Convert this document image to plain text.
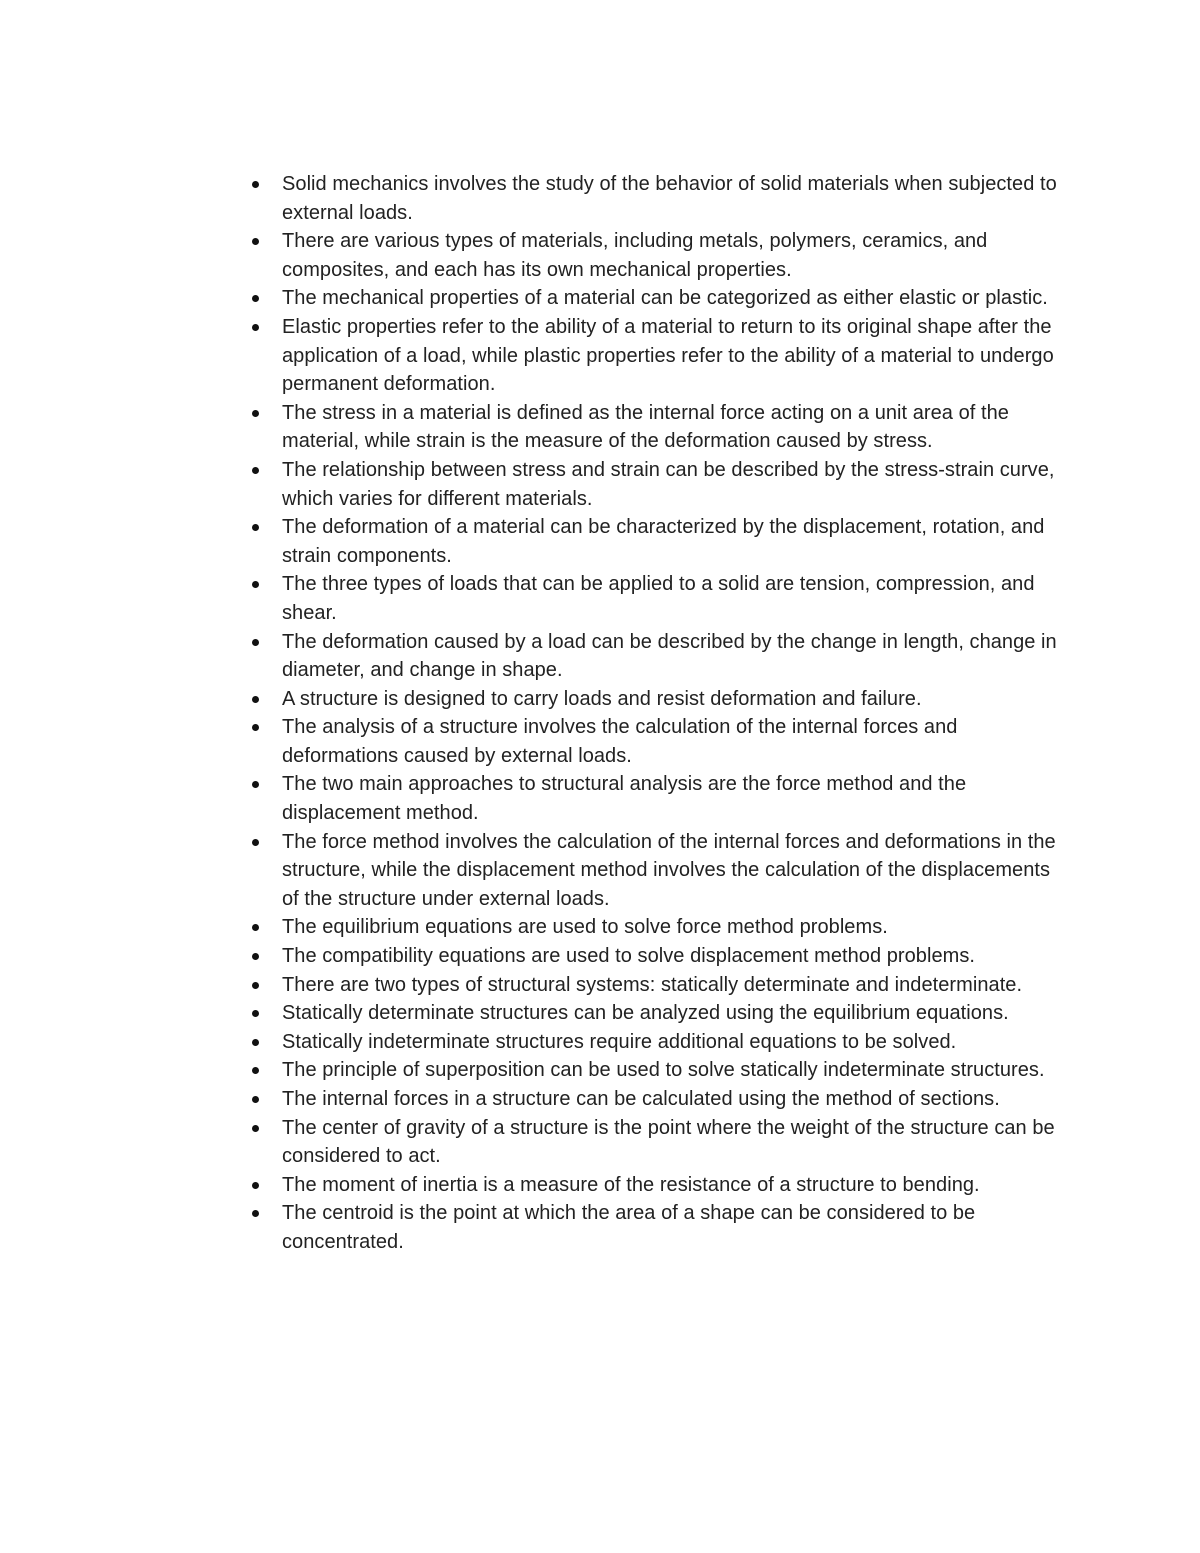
Solid mechanics involves the study of the behavior of solid materials when subjected to external loads.
There are various types of materials, including metals, polymers, ceramics, and composites, and each has its own mechanical properties.
The mechanical properties of a material can be categorized as either elastic or plastic.
Elastic properties refer to the ability of a material to return to its original shape after the application of a load, while plastic properties refer to the ability of a material to undergo permanent deformation.
The stress in a material is defined as the internal force acting on a unit area of the material, while strain is the measure of the deformation caused by stress.
The relationship between stress and strain can be described by the stress-strain curve, which varies for different materials.
The deformation of a material can be characterized by the displacement, rotation, and strain components.
The three types of loads that can be applied to a solid are tension, compression, and shear.
The deformation caused by a load can be described by the change in length, change in diameter, and change in shape.
A structure is designed to carry loads and resist deformation and failure.
The analysis of a structure involves the calculation of the internal forces and deformations caused by external loads.
The two main approaches to structural analysis are the force method and the displacement method.
The force method involves the calculation of the internal forces and deformations in the structure, while the displacement method involves the calculation of the displacements of the structure under external loads.
The equilibrium equations are used to solve force method problems.
The compatibility equations are used to solve displacement method problems.
There are two types of structural systems: statically determinate and indeterminate.
Statically determinate structures can be analyzed using the equilibrium equations.
Statically indeterminate structures require additional equations to be solved.
The principle of superposition can be used to solve statically indeterminate structures.
The internal forces in a structure can be calculated using the method of sections.
The center of gravity of a structure is the point where the weight of the structure can be considered to act.
The moment of inertia is a measure of the resistance of a structure to bending.
The centroid is the point at which the area of a shape can be considered to be concentrated.
